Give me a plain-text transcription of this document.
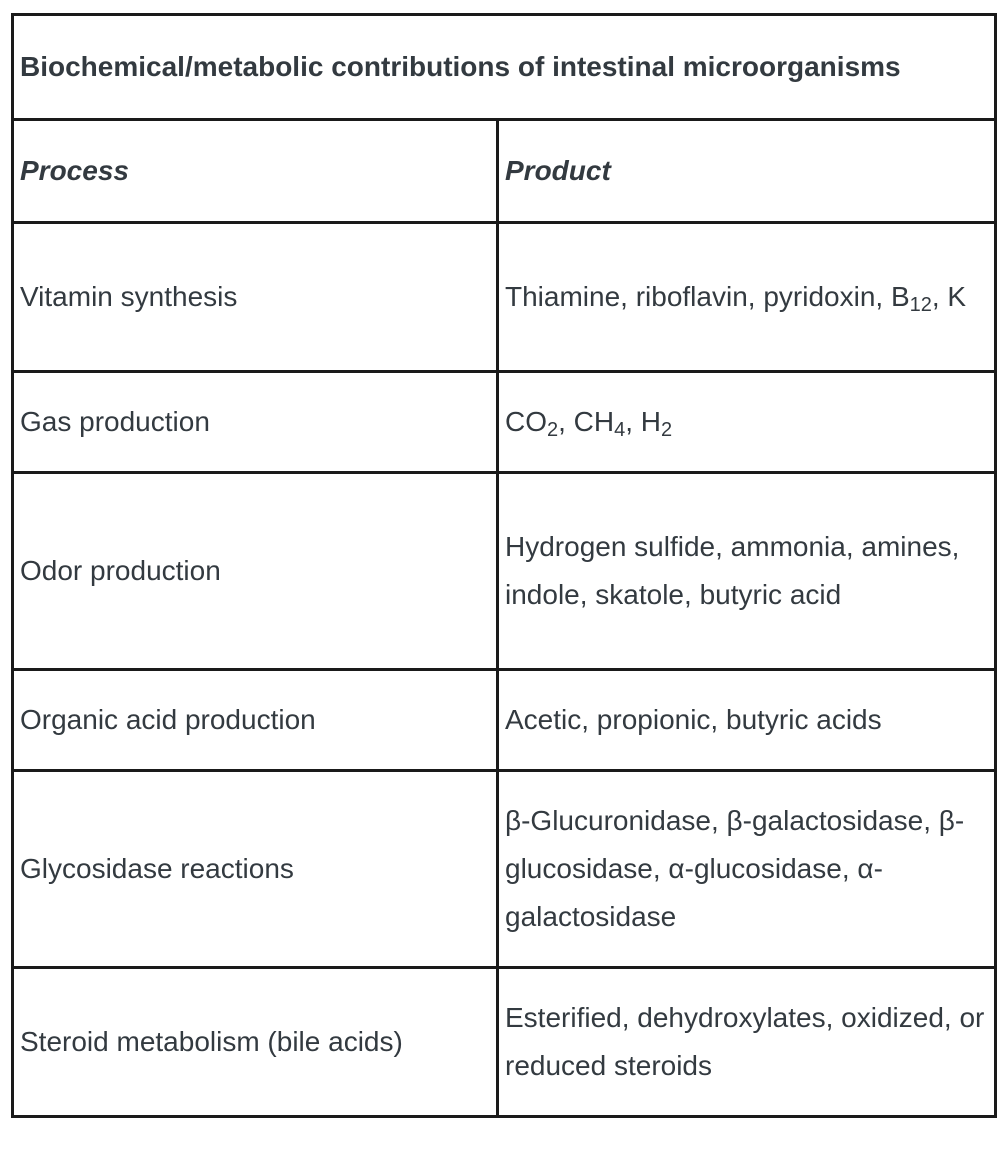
Biochemical/metabolic contributions of intestinal microorganisms	
Process	Product
Vitamin synthesis	Thiamine, riboflavin, pyridoxin, $B_{12}$, K
Gas production	$CO_2$, $CH_4$, $H_2$
Odor production	Hydrogen sulfide, ammonia, amines, indole, skatole, butyric acid
Organic acid production	Acetic, propionic, butyric acids
Glycosidase reactions	β-Glucuronidase, β-galactosidase, β-glucosidase, α-glucosidase, α-galactosidase
Steroid metabolism (bile acids)	Esterified, dehydroxylates, oxidized, or reduced steroids
